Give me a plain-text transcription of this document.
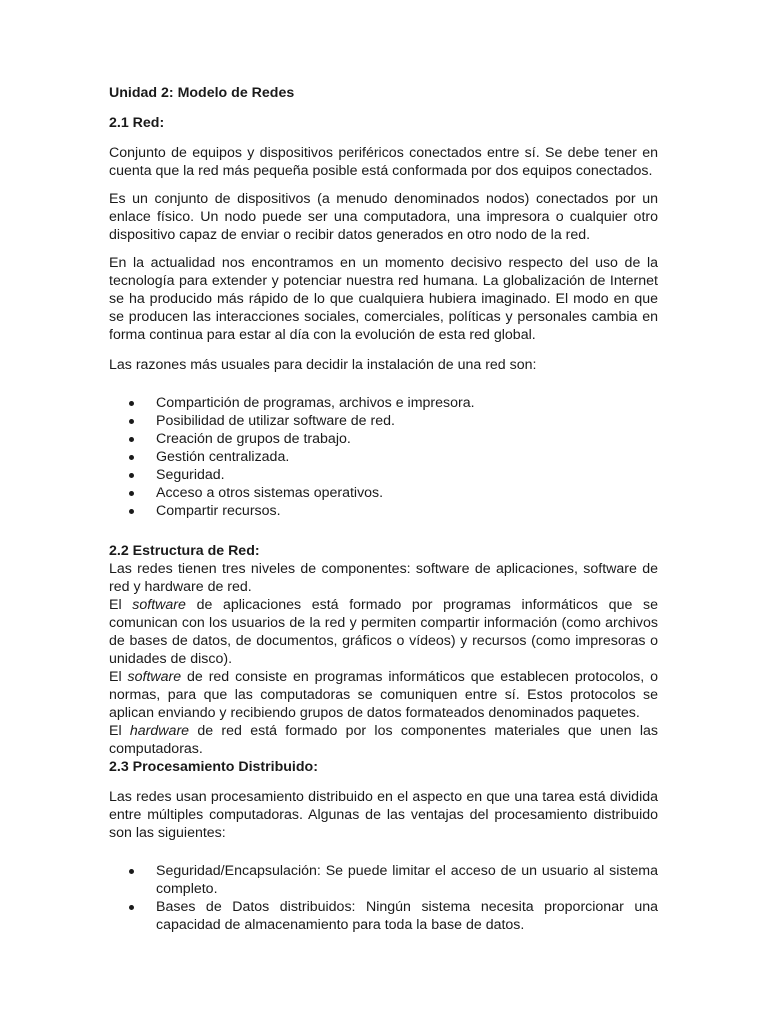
Unidad 2: Modelo de Redes
2.1 Red:

Conjunto de equipos y dispositivos periféricos conectados entre sí. Se debe tener en cuenta que la red más pequeña posible está conformada por dos equipos conectados.

Es un conjunto de dispositivos (a menudo denominados nodos) conectados por un enlace físico. Un nodo puede ser una computadora, una impresora o cualquier otro dispositivo capaz de enviar o recibir datos generados en otro nodo de la red.

En la actualidad nos encontramos en un momento decisivo respecto del uso de la tecnología para extender y potenciar nuestra red humana. La globalización de Internet se ha producido más rápido de lo que cualquiera hubiera imaginado. El modo en que se producen las interacciones sociales, comerciales, políticas y personales cambia en forma continua para estar al día con la evolución de esta red global.

Las razones más usuales para decidir la instalación de una red son:

Compartición de programas, archivos e impresora.
Posibilidad de utilizar software de red.
Creación de grupos de trabajo.
Gestión centralizada.
Seguridad.
Acceso a otros sistemas operativos.
Compartir recursos.
2.2 Estructura de Red:

Las redes tienen tres niveles de componentes: software de aplicaciones, software de red y hardware de red.

El software de aplicaciones está formado por programas informáticos que se comunican con los usuarios de la red y permiten compartir información (como archivos de bases de datos, de documentos, gráficos o vídeos) y recursos (como impresoras o unidades de disco).

El software de red consiste en programas informáticos que establecen protocolos, o normas, para que las computadoras se comuniquen entre sí. Estos protocolos se aplican enviando y recibiendo grupos de datos formateados denominados paquetes.

El hardware de red está formado por los componentes materiales que unen las computadoras.

2.3 Procesamiento Distribuido:

Las redes usan procesamiento distribuido en el aspecto en que una tarea está dividida entre múltiples computadoras. Algunas de las ventajas del procesamiento distribuido son las siguientes:

Seguridad/Encapsulación: Se puede limitar el acceso de un usuario al sistema completo.
Bases de Datos distribuidos: Ningún sistema necesita proporcionar una capacidad de almacenamiento para toda la base de datos.
